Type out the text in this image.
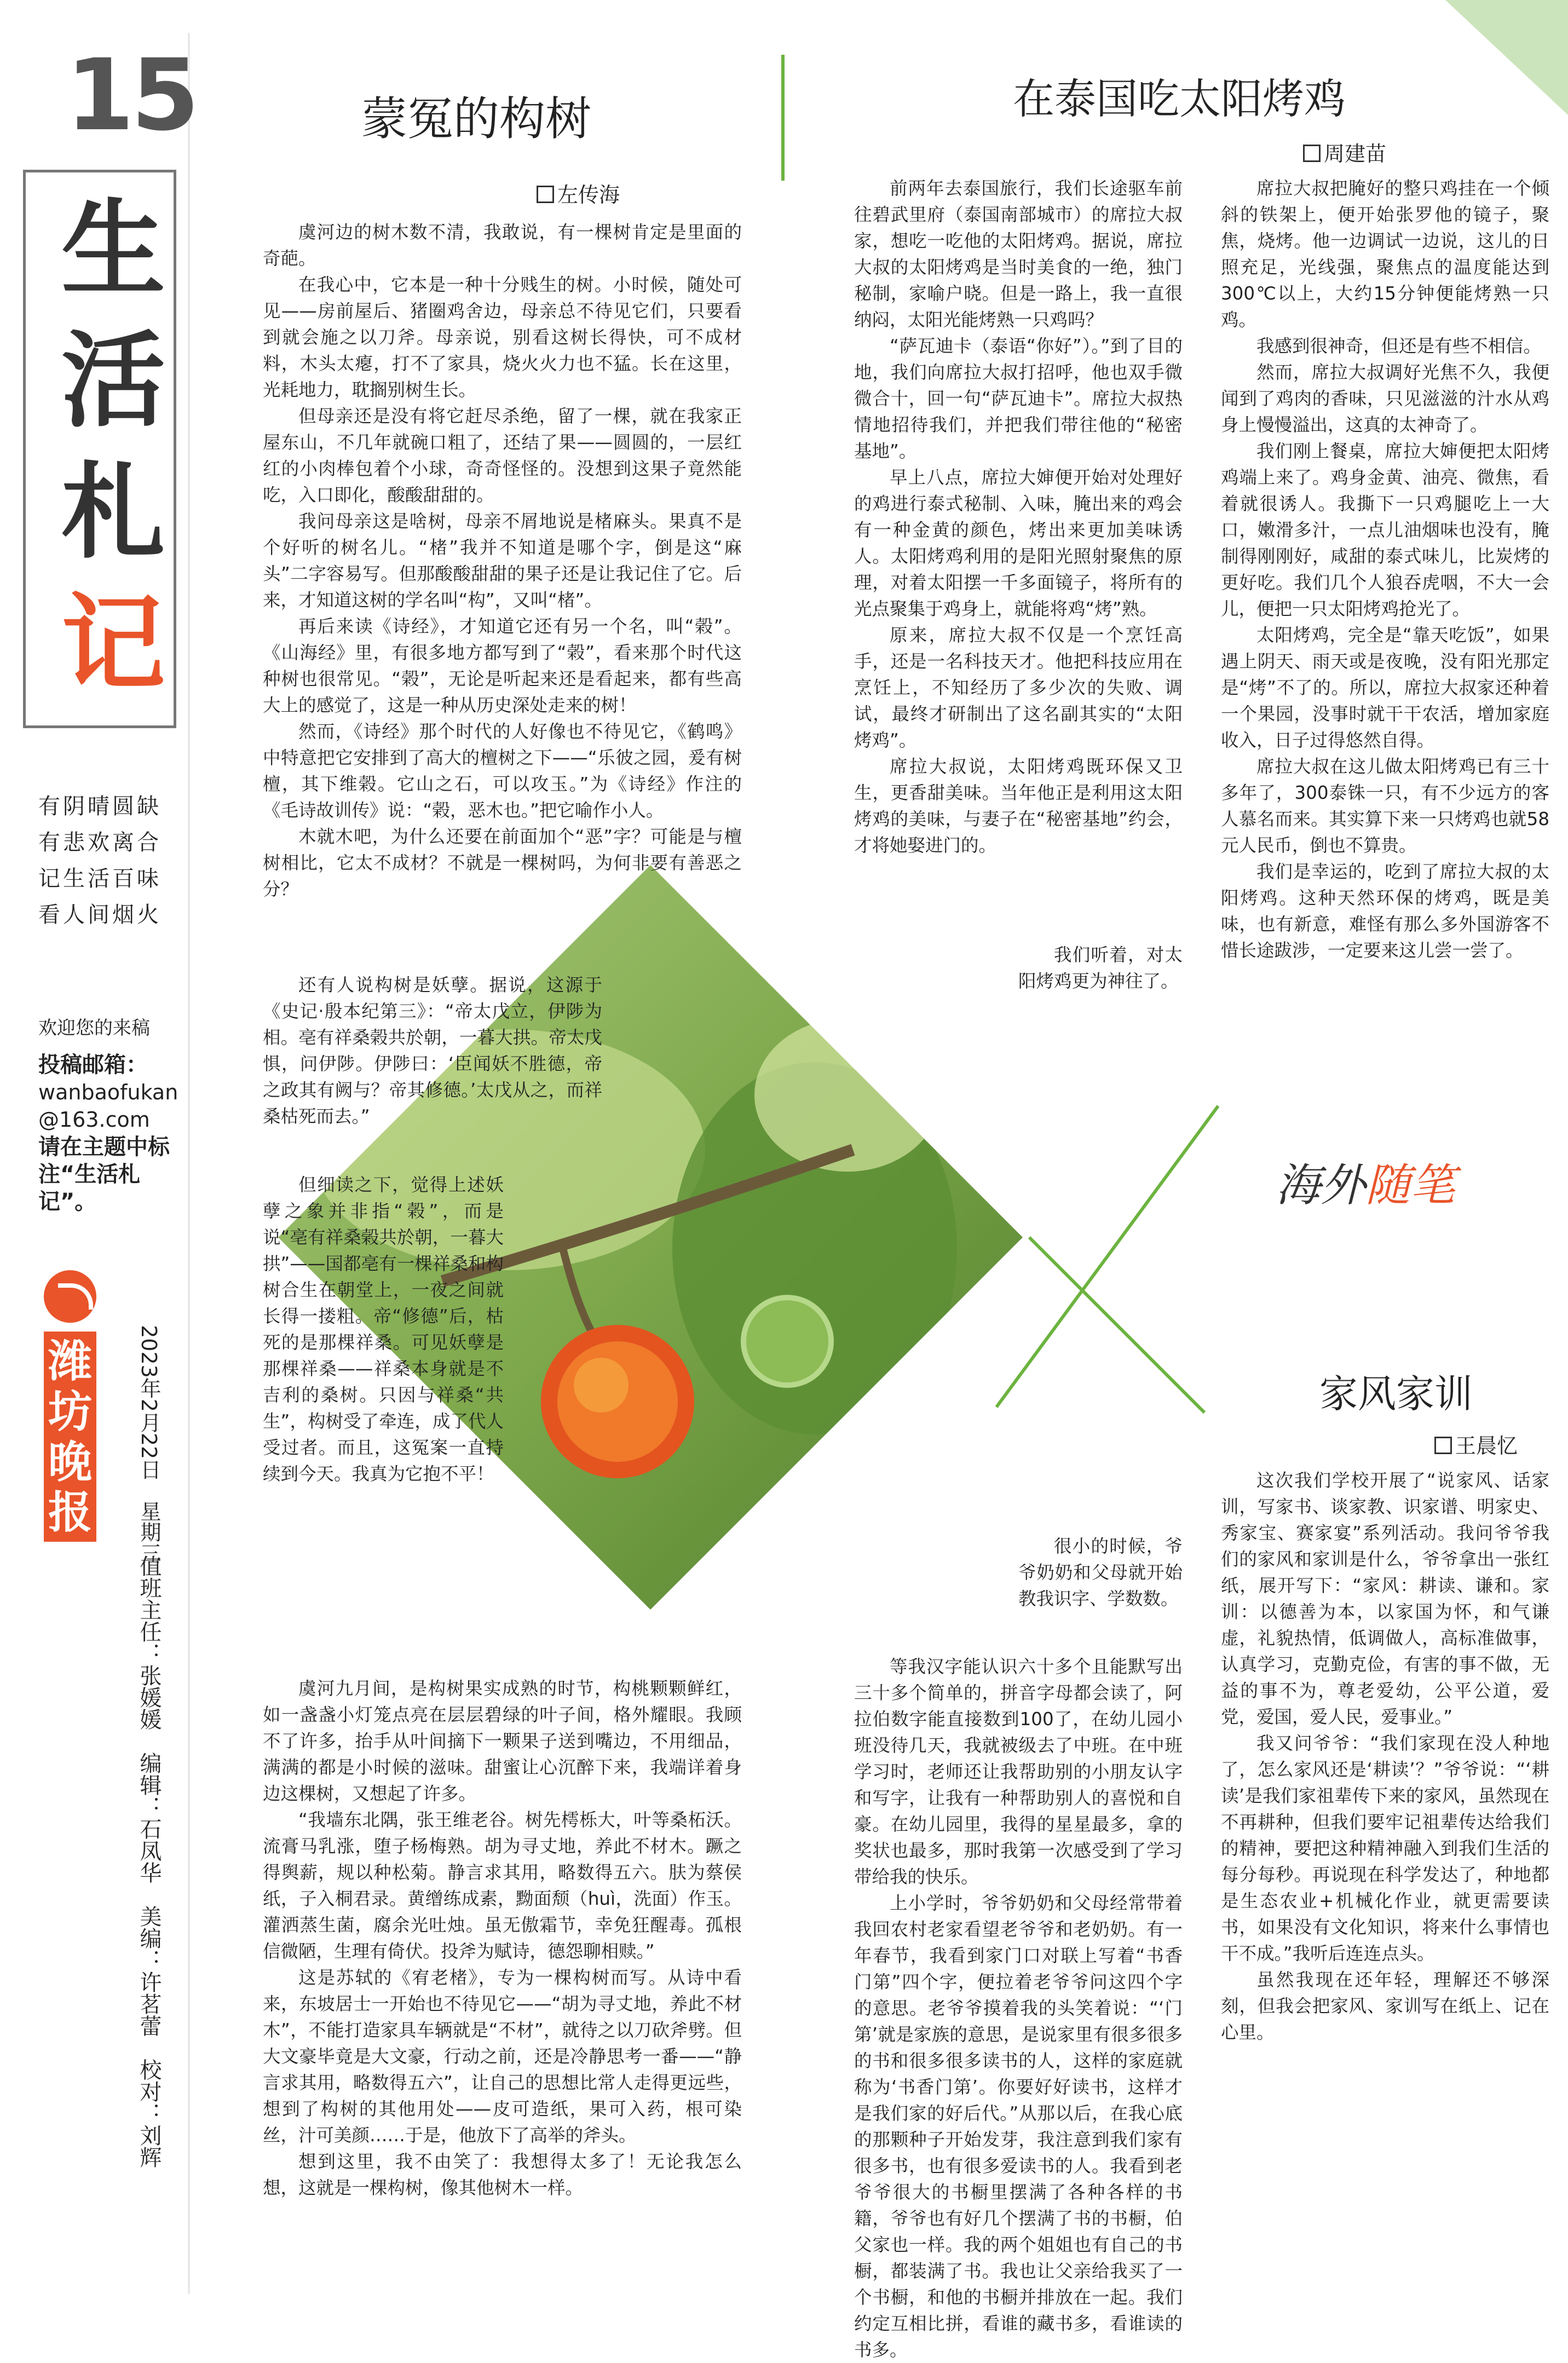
15
生
活
札
记
有阴晴圆缺
有悲欢离合
记生活百味
看人间烟火
欢迎您的来稿
投稿邮箱：
wanbaofukan
@163.com
请在主题中标注“生活札记”。
潍坊晚报	2023年2月22日　星期三
值班主任：张媛媛　编辑：石凤华　美编：许茗蕾　校对：刘辉
蒙冤的构树
左传海

虞河边的树木数不清，我敢说，有一棵树肯定是里面的奇葩。

在我心中，它本是一种十分贱生的树。小时候，随处可见——房前屋后、猪圈鸡舍边，母亲总不待见它们，只要看到就会施之以刀斧。母亲说，别看这树长得快，可不成材料，木头太瘪，打不了家具，烧火火力也不猛。长在这里，光耗地力，耽搁别树生长。

但母亲还是没有将它赶尽杀绝，留了一棵，就在我家正屋东山，不几年就碗口粗了，还结了果——圆圆的，一层红红的小肉棒包着个小球，奇奇怪怪的。没想到这果子竟然能吃，入口即化，酸酸甜甜的。

我问母亲这是啥树，母亲不屑地说是楮麻头。果真不是个好听的树名儿。“楮”我并不知道是哪个字，倒是这“麻头”二字容易写。但那酸酸甜甜的果子还是让我记住了它。后来，才知道这树的学名叫“构”，又叫“楮”。

再后来读《诗经》，才知道它还有另一个名，叫“榖”。《山海经》里，有很多地方都写到了“榖”，看来那个时代这种树也很常见。“榖”，无论是听起来还是看起来，都有些高大上的感觉了，这是一种从历史深处走来的树！

然而，《诗经》那个时代的人好像也不待见它，《鹤鸣》中特意把它安排到了高大的檀树之下——“乐彼之园，爰有树檀，其下维榖。它山之石，可以攻玉。”为《诗经》作注的《毛诗故训传》说：“榖，恶木也。”把它喻作小人。

木就木吧，为什么还要在前面加个“恶”字？可能是与檀树相比，它太不成材？不就是一棵树吗，为何非要有善恶之分？

还有人说构树是妖孽。据说，这源于《史记·殷本纪第三》：“帝太戊立，伊陟为相。亳有祥桑榖共於朝，一暮大拱。帝太戊惧，问伊陟。伊陟曰：‘臣闻妖不胜德，帝之政其有阙与？帝其修德。’太戊从之，而祥桑枯死而去。”

但细读之下，觉得上述妖孽之象并非指“榖”，而是说“亳有祥桑榖共於朝，一暮大拱”——国都亳有一棵祥桑和构树合生在朝堂上，一夜之间就长得一搂粗。帝“修德”后，枯死的是那棵祥桑。可见妖孽是那棵祥桑——祥桑本身就是不吉利的桑树。只因与祥桑“共生”，构树受了牵连，成了代人受过者。而且，这冤案一直持续到今天。我真为它抱不平！

虞河九月间，是构树果实成熟的时节，构桃颗颗鲜红，如一盏盏小灯笼点亮在层层碧绿的叶子间，格外耀眼。我顾不了许多，抬手从叶间摘下一颗果子送到嘴边，不用细品，满满的都是小时候的滋味。甜蜜让心沉醉下来，我端详着身边这棵树，又想起了许多。

“我墙东北隅，张王维老谷。树先樗栎大，叶等桑柘沃。流膏马乳涨，堕子杨梅熟。胡为寻丈地，养此不材木。蹶之得舆薪，规以种松菊。静言求其用，略数得五六。肤为蔡侯纸，子入桐君录。黄缯练成素，黝面颓（huì，洗面）作玉。灌洒蒸生菌，腐余光吐烛。虽无傲霜节，幸免狂醒毒。孤根信微陋，生理有倚伏。投斧为赋诗，德怨聊相赎。”

这是苏轼的《宥老楮》，专为一棵构树而写。从诗中看来，东坡居士一开始也不待见它——“胡为寻丈地，养此不材木”，不能打造家具车辆就是“不材”，就待之以刀砍斧劈。但大文豪毕竟是大文豪，行动之前，还是冷静思考一番——“静言求其用，略数得五六”，让自己的思想比常人走得更远些，想到了构树的其他用处——皮可造纸，果可入药，根可染丝，汁可美颜……于是，他放下了高举的斧头。

想到这里，我不由笑了：我想得太多了！无论我怎么想，这就是一棵构树，像其他树木一样。

在泰国吃太阳烤鸡
周建苗

前两年去泰国旅行，我们长途驱车前往碧武里府（泰国南部城市）的席拉大叔家，想吃一吃他的太阳烤鸡。据说，席拉大叔的太阳烤鸡是当时美食的一绝，独门秘制，家喻户晓。但是一路上，我一直很纳闷，太阳光能烤熟一只鸡吗？

“萨瓦迪卡（泰语“你好”）。”到了目的地，我们向席拉大叔打招呼，他也双手微微合十，回一句“萨瓦迪卡”。席拉大叔热情地招待我们，并把我们带往他的“秘密基地”。

早上八点，席拉大婶便开始对处理好的鸡进行泰式秘制、入味，腌出来的鸡会有一种金黄的颜色，烤出来更加美味诱人。太阳烤鸡利用的是阳光照射聚焦的原理，对着太阳摆一千多面镜子，将所有的光点聚集于鸡身上，就能将鸡“烤”熟。

原来，席拉大叔不仅是一个烹饪高手，还是一名科技天才。他把科技应用在烹饪上，不知经历了多少次的失败、调试，最终才研制出了这名副其实的“太阳烤鸡”。

席拉大叔说，太阳烤鸡既环保又卫生，更香甜美味。当年他正是利用这太阳烤鸡的美味，与妻子在“秘密基地”约会，才将她娶进门的。

我们听着，对太阳烤鸡更为神往了。

席拉大叔把腌好的整只鸡挂在一个倾斜的铁架上，便开始张罗他的镜子，聚焦，烧烤。他一边调试一边说，这儿的日照充足，光线强，聚焦点的温度能达到300℃以上，大约15分钟便能烤熟一只鸡。

我感到很神奇，但还是有些不相信。

然而，席拉大叔调好光焦不久，我便闻到了鸡肉的香味，只见滋滋的汁水从鸡身上慢慢溢出，这真的太神奇了。

我们刚上餐桌，席拉大婶便把太阳烤鸡端上来了。鸡身金黄、油亮、微焦，看着就很诱人。我撕下一只鸡腿吃上一大口，嫩滑多汁，一点儿油烟味也没有，腌制得刚刚好，咸甜的泰式味儿，比炭烤的更好吃。我们几个人狼吞虎咽，不大一会儿，便把一只太阳烤鸡抢光了。

太阳烤鸡，完全是“靠天吃饭”，如果遇上阴天、雨天或是夜晚，没有阳光那定是“烤”不了的。所以，席拉大叔家还种着一个果园，没事时就干干农活，增加家庭收入，日子过得悠然自得。

席拉大叔在这儿做太阳烤鸡已有三十多年了，300泰铢一只，有不少远方的客人慕名而来。其实算下来一只烤鸡也就58元人民币，倒也不算贵。

我们是幸运的，吃到了席拉大叔的太阳烤鸡。这种天然环保的烤鸡，既是美味，也有新意，难怪有那么多外国游客不惜长途跋涉，一定要来这儿尝一尝了。

海外随笔
家风家训
王晨忆

很小的时候，爷爷奶奶和父母就开始教我识字、学数数。

等我汉字能认识六十多个且能默写出三十多个简单的，拼音字母都会读了，阿拉伯数字能直接数到100了，在幼儿园小班没待几天，我就被级去了中班。在中班学习时，老师还让我帮助别的小朋友认字和写字，让我有一种帮助别人的喜悦和自豪。在幼儿园里，我得的星星最多，拿的奖状也最多，那时我第一次感受到了学习带给我的快乐。

上小学时，爷爷奶奶和父母经常带着我回农村老家看望老爷爷和老奶奶。有一年春节，我看到家门口对联上写着“书香门第”四个字，便拉着老爷爷问这四个字的意思。老爷爷摸着我的头笑着说：“‘门第’就是家族的意思，是说家里有很多很多的书和很多很多读书的人，这样的家庭就称为‘书香门第’。你要好好读书，这样才是我们家的好后代。”从那以后，在我心底的那颗种子开始发芽，我注意到我们家有很多书，也有很多爱读书的人。我看到老爷爷很大的书橱里摆满了各种各样的书籍，爷爷也有好几个摆满了书的书橱，伯父家也一样。我的两个姐姐也有自己的书橱，都装满了书。我也让父亲给我买了一个书橱，和他的书橱并排放在一起。我们约定互相比拼，看谁的藏书多，看谁读的书多。

这次我们学校开展了“说家风、话家训，写家书、谈家教、识家谱、明家史、秀家宝、赛家宴”系列活动。我问爷爷我们的家风和家训是什么，爷爷拿出一张红纸，展开写下：“家风：耕读、谦和。家训：以德善为本，以家国为怀，和气谦虚，礼貌热情，低调做人，高标准做事，认真学习，克勤克俭，有害的事不做，无益的事不为，尊老爱幼，公平公道，爱党，爱国，爱人民，爱事业。”

我又问爷爷：“我们家现在没人种地了，怎么家风还是‘耕读’？”爷爷说：“‘耕读’是我们家祖辈传下来的家风，虽然现在不再耕种，但我们要牢记祖辈传达给我们的精神，要把这种精神融入到我们生活的每分每秒。再说现在科学发达了，种地都是生态农业+机械化作业，就更需要读书，如果没有文化知识，将来什么事情也干不成。”我听后连连点头。

虽然我现在还年轻，理解还不够深刻，但我会把家风、家训写在纸上、记在心里。
